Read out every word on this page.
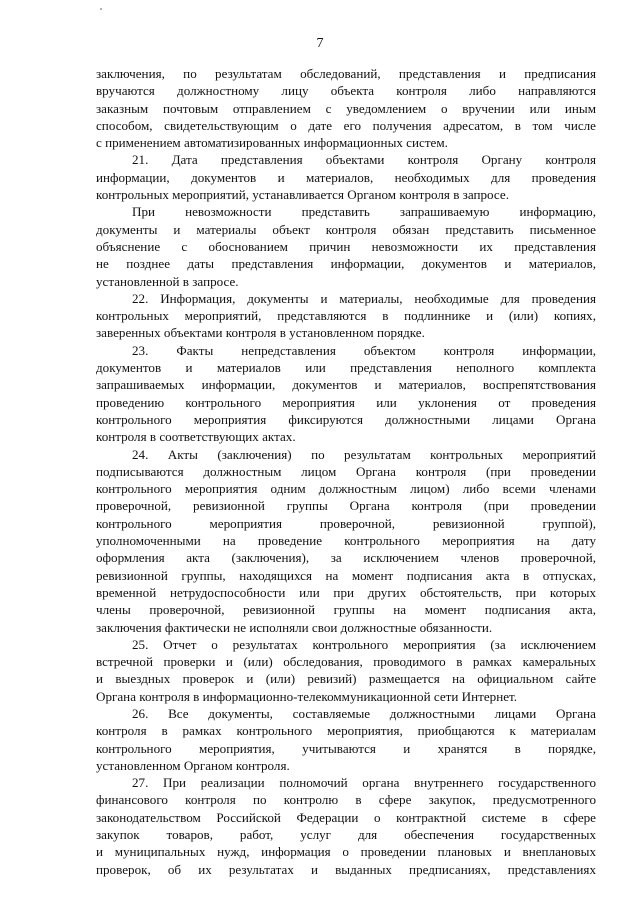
7
заключения, по результатам обследований, представления и предписания
вручаются должностному лицу объекта контроля либо направляются
заказным почтовым отправлением с уведомлением о вручении или иным
способом, свидетельствующим о дате его получения адресатом, в том числе
с применением автоматизированных информационных систем.
21. Дата представления объектами контроля Органу контроля
информации, документов и материалов, необходимых для проведения
контрольных мероприятий, устанавливается Органом контроля в запросе.
При невозможности представить запрашиваемую информацию,
документы и материалы объект контроля обязан представить письменное
объяснение с обоснованием причин невозможности их представления
не позднее даты представления информации, документов и материалов,
установленной в запросе.
22. Информация, документы и материалы, необходимые для проведения
контрольных мероприятий, представляются в подлиннике и (или) копиях,
заверенных объектами контроля в установленном порядке.
23. Факты непредставления объектом контроля информации,
документов и материалов или представления неполного комплекта
запрашиваемых информации, документов и материалов, воспрепятствования
проведению контрольного мероприятия или уклонения от проведения
контрольного мероприятия фиксируются должностными лицами Органа
контроля в соответствующих актах.
24. Акты (заключения) по результатам контрольных мероприятий
подписываются должностным лицом Органа контроля (при проведении
контрольного мероприятия одним должностным лицом) либо всеми членами
проверочной, ревизионной группы Органа контроля (при проведении
контрольного мероприятия проверочной, ревизионной группой),
уполномоченными на проведение контрольного мероприятия на дату
оформления акта (заключения), за исключением членов проверочной,
ревизионной группы, находящихся на момент подписания акта в отпусках,
временной нетрудоспособности или при других обстоятельств, при которых
члены проверочной, ревизионной группы на момент подписания акта,
заключения фактически не исполняли свои должностные обязанности.
25. Отчет о результатах контрольного мероприятия (за исключением
встречной проверки и (или) обследования, проводимого в рамках камеральных
и выездных проверок и (или) ревизий) размещается на официальном сайте
Органа контроля в информационно-телекоммуникационной сети Интернет.
26. Все документы, составляемые должностными лицами Органа
контроля в рамках контрольного мероприятия, приобщаются к материалам
контрольного мероприятия, учитываются и хранятся в порядке,
установленном Органом контроля.
27. При реализации полномочий органа внутреннего государственного
финансового контроля по контролю в сфере закупок, предусмотренного
законодательством Российской Федерации о контрактной системе в сфере
закупок товаров, работ, услуг для обеспечения государственных
и муниципальных нужд, информация о проведении плановых и внеплановых
проверок, об их результатах и выданных предписаниях, представлениях
